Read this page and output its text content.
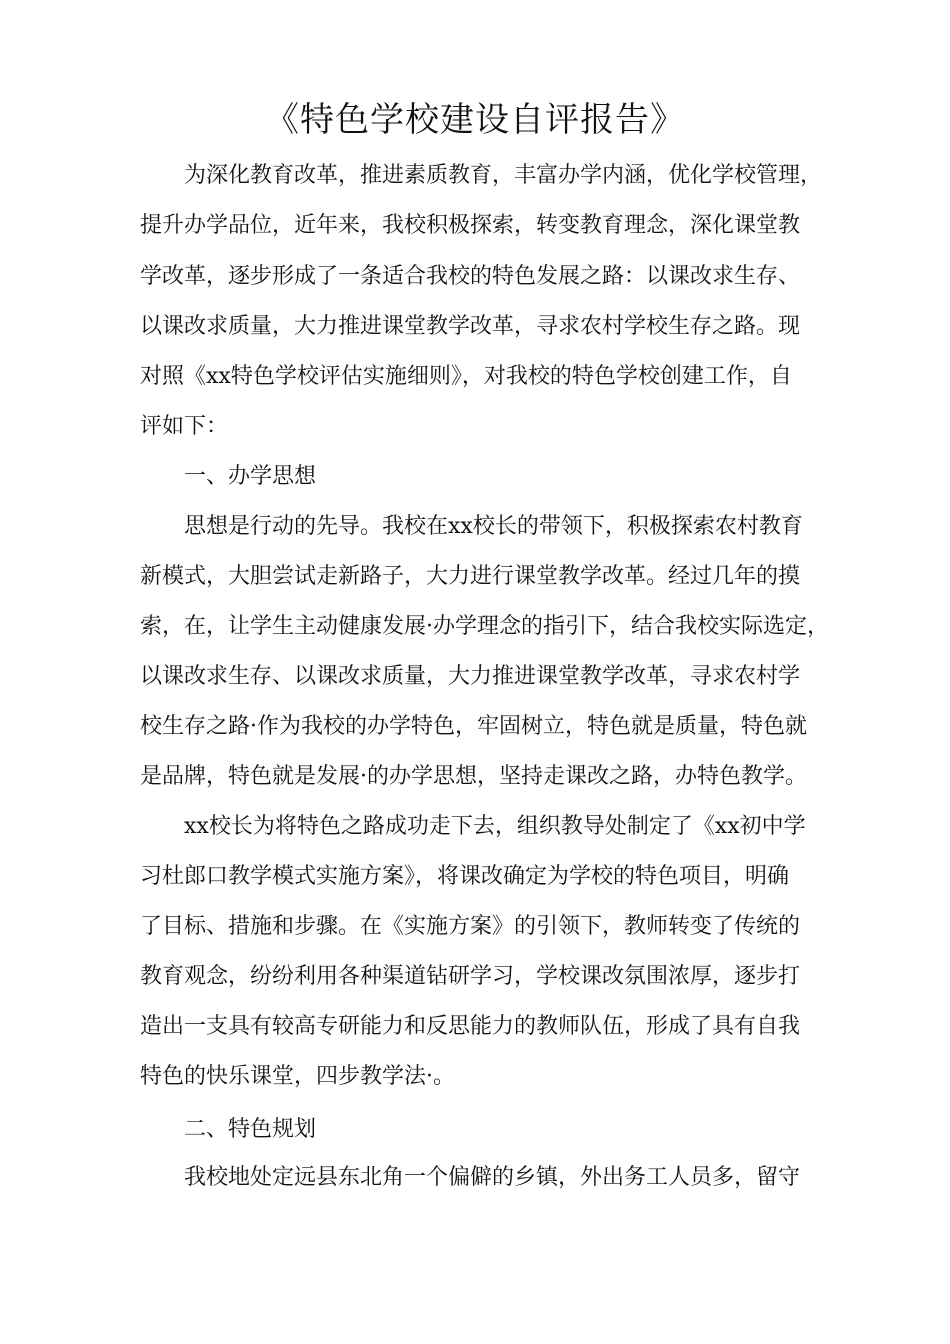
《特色学校建设自评报告》
为深化教育改革，推进素质教育，丰富办学内涵，优化学校管理，
提升办学品位，近年来，我校积极探索，转变教育理念，深化课堂教
学改革，逐步形成了一条适合我校的特色发展之路：以课改求生存、
以课改求质量，大力推进课堂教学改革，寻求农村学校生存之路。现
对照《xx特色学校评估实施细则》，对我校的特色学校创建工作，自
评如下：
一、办学思想
思想是行动的先导。我校在xx校长的带领下，积极探索农村教育
新模式，大胆尝试走新路子，大力进行课堂教学改革。经过几年的摸
索，在，让学生主动健康发展·办学理念的指引下，结合我校实际选定，
以课改求生存、以课改求质量，大力推进课堂教学改革，寻求农村学
校生存之路·作为我校的办学特色，牢固树立，特色就是质量，特色就
是品牌，特色就是发展·的办学思想，坚持走课改之路，办特色教学。
xx校长为将特色之路成功走下去，组织教导处制定了《xx初中学
习杜郎口教学模式实施方案》，将课改确定为学校的特色项目，明确
了目标、措施和步骤。在《实施方案》的引领下，教师转变了传统的
教育观念，纷纷利用各种渠道钻研学习，学校课改氛围浓厚，逐步打
造出一支具有较高专研能力和反思能力的教师队伍，形成了具有自我
特色的快乐课堂，四步教学法·。
二、特色规划
我校地处定远县东北角一个偏僻的乡镇，外出务工人员多，留守
